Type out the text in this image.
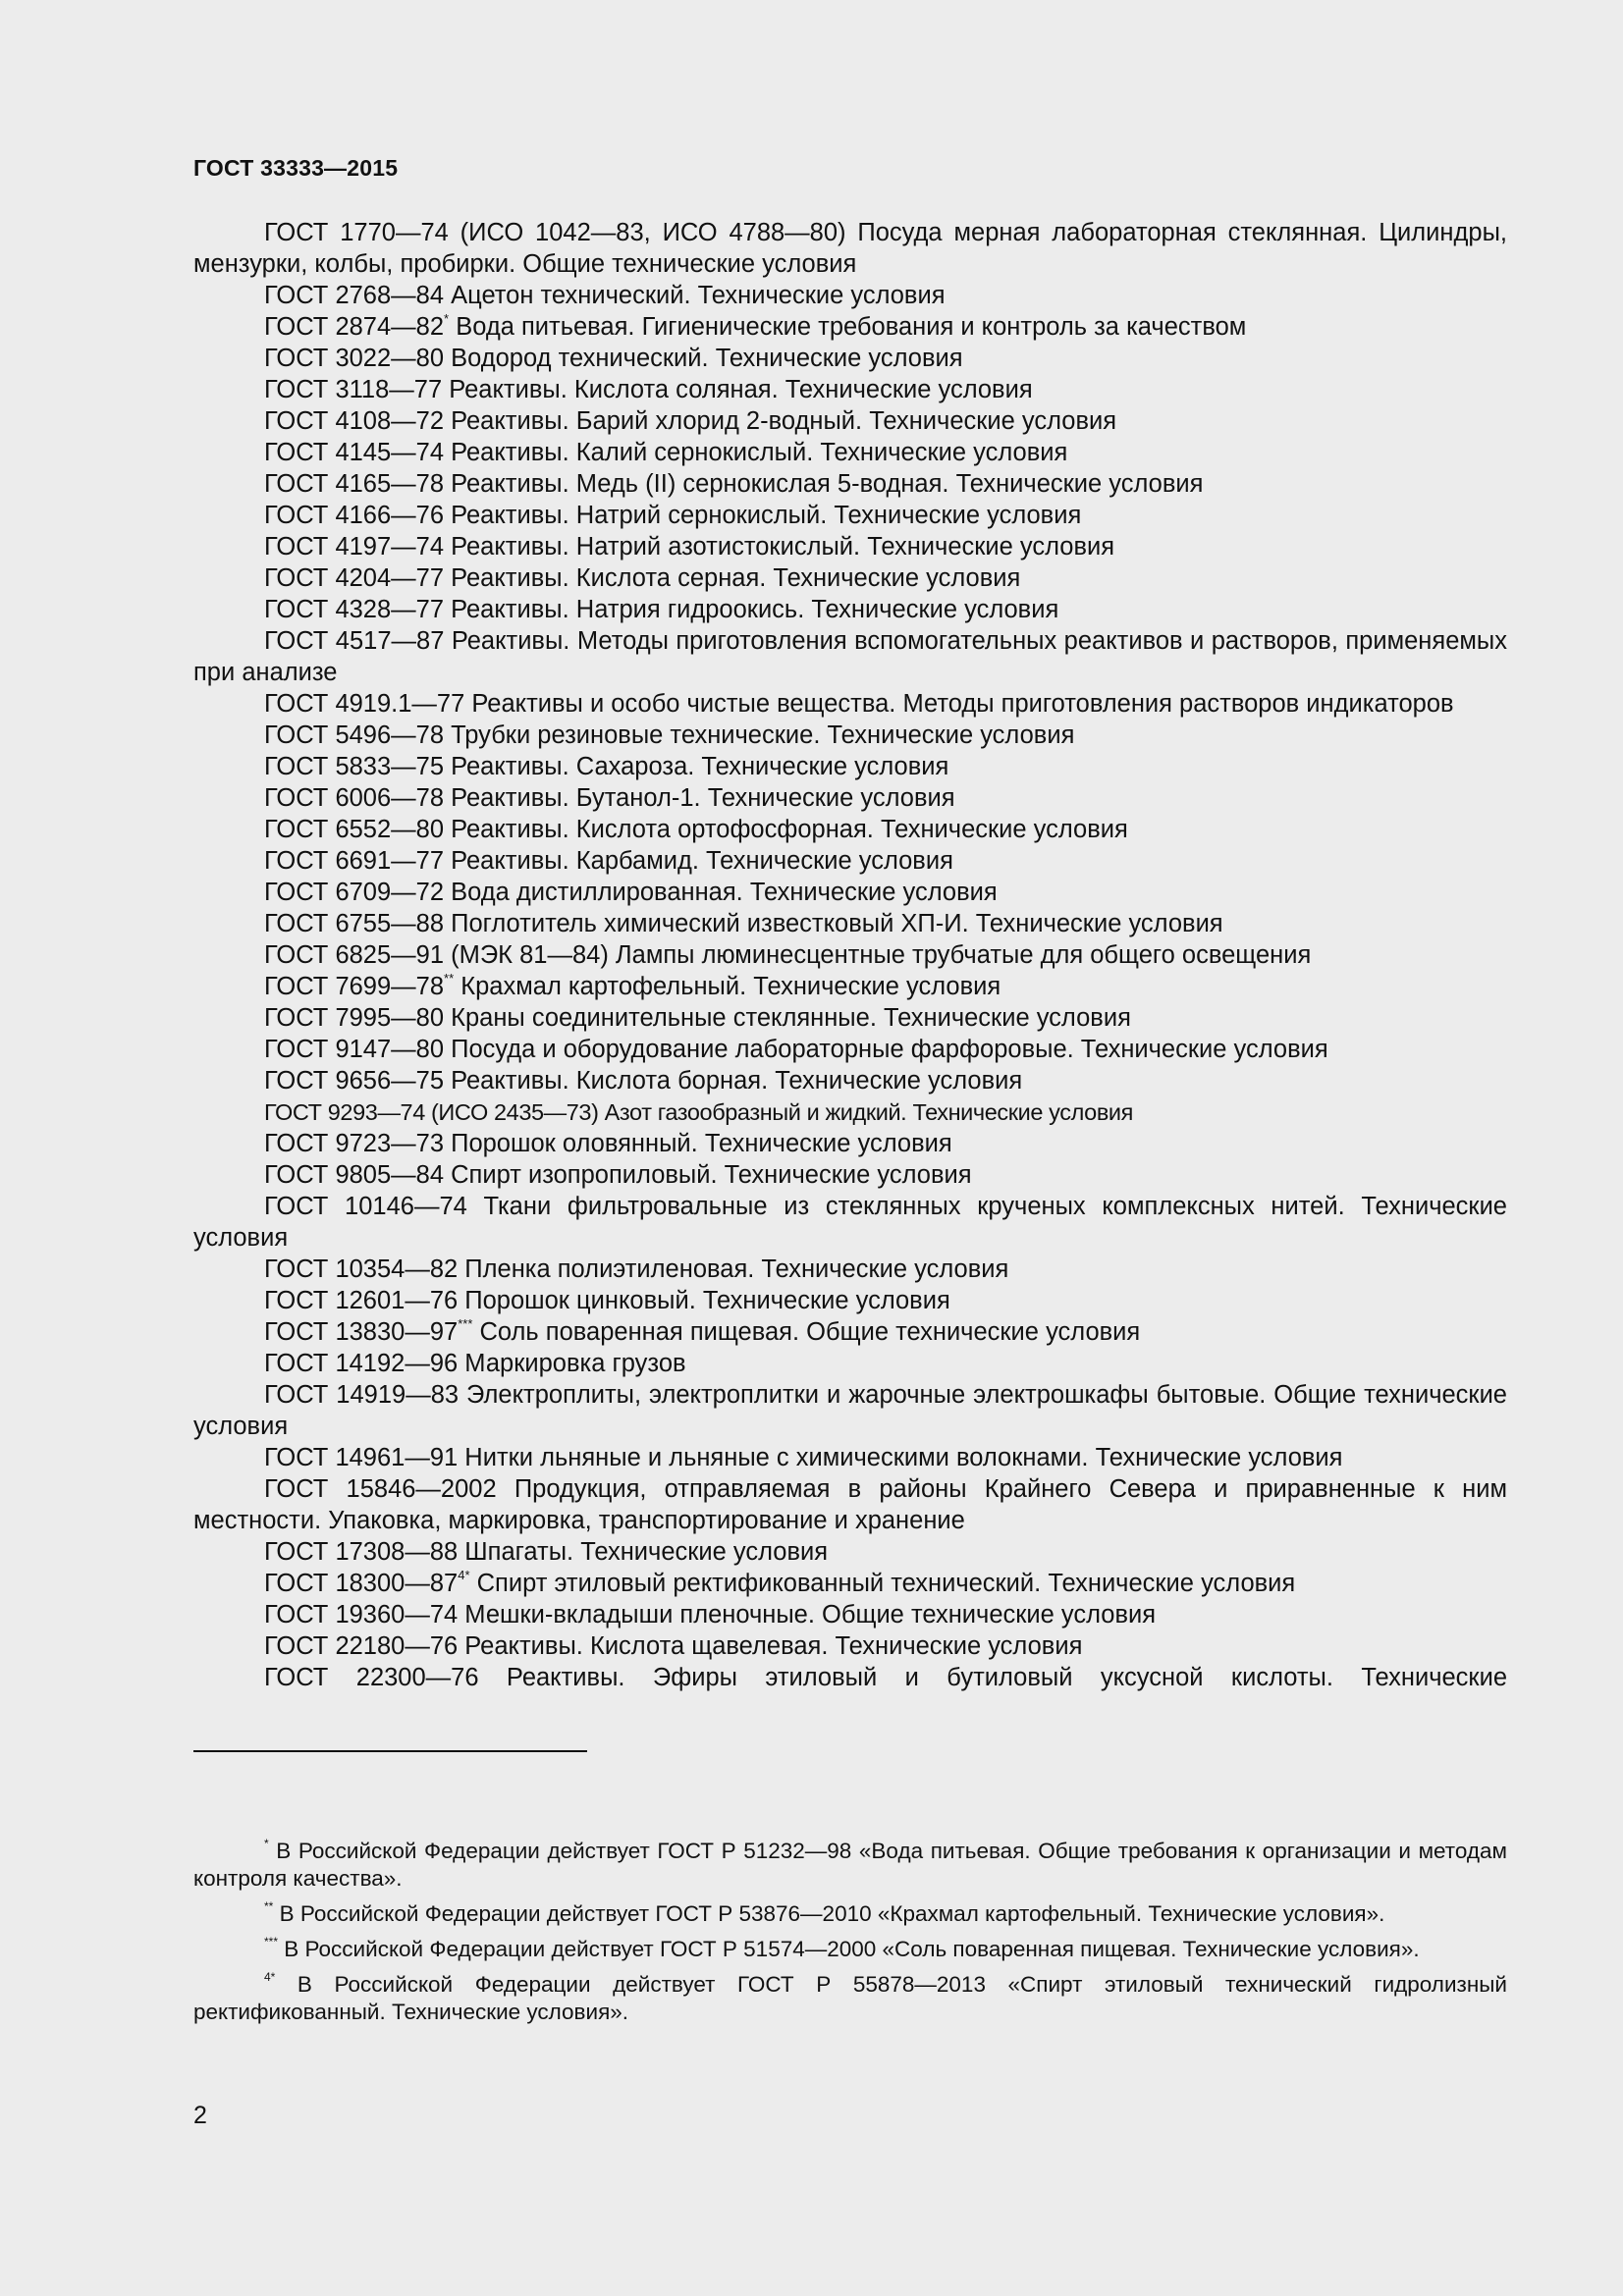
ГОСТ 33333—2015

ГОСТ 1770—74 (ИСО 1042—83, ИСО 4788—80) Посуда мерная лабораторная стеклянная. Цилиндры, мензурки, колбы, пробирки. Общие технические условия

ГОСТ 2768—84 Ацетон технический. Технические условия

ГОСТ 2874—82* Вода питьевая. Гигиенические требования и контроль за качеством

ГОСТ 3022—80 Водород технический. Технические условия

ГОСТ 3118—77 Реактивы. Кислота соляная. Технические условия

ГОСТ 4108—72 Реактивы. Барий хлорид 2-водный. Технические условия

ГОСТ 4145—74 Реактивы. Калий сернокислый. Технические условия

ГОСТ 4165—78 Реактивы. Медь (II) сернокислая 5-водная. Технические условия

ГОСТ 4166—76 Реактивы. Натрий сернокислый. Технические условия

ГОСТ 4197—74 Реактивы. Натрий азотистокислый. Технические условия

ГОСТ 4204—77 Реактивы. Кислота серная. Технические условия

ГОСТ 4328—77 Реактивы. Натрия гидроокись. Технические условия

ГОСТ 4517—87 Реактивы. Методы приготовления вспомогательных реактивов и растворов, применяемых при анализе

ГОСТ 4919.1—77 Реактивы и особо чистые вещества. Методы приготовления растворов индикаторов

ГОСТ 5496—78 Трубки резиновые технические. Технические условия

ГОСТ 5833—75 Реактивы. Сахароза. Технические условия

ГОСТ 6006—78 Реактивы. Бутанол-1. Технические условия

ГОСТ 6552—80 Реактивы. Кислота ортофосфорная. Технические условия

ГОСТ 6691—77 Реактивы. Карбамид. Технические условия

ГОСТ 6709—72 Вода дистиллированная. Технические условия

ГОСТ 6755—88 Поглотитель химический известковый ХП-И. Технические условия

ГОСТ 6825—91 (МЭК 81—84) Лампы люминесцентные трубчатые для общего освещения

ГОСТ 7699—78** Крахмал картофельный. Технические условия

ГОСТ 7995—80 Краны соединительные стеклянные. Технические условия

ГОСТ 9147—80 Посуда и оборудование лабораторные фарфоровые. Технические условия

ГОСТ 9656—75 Реактивы. Кислота борная. Технические условия

ГОСТ 9293—74 (ИСО 2435—73) Азот газообразный и жидкий. Технические условия

ГОСТ 9723—73 Порошок оловянный. Технические условия

ГОСТ 9805—84 Спирт изопропиловый. Технические условия

ГОСТ 10146—74 Ткани фильтровальные из стеклянных крученых комплексных нитей. Технические условия

ГОСТ 10354—82 Пленка полиэтиленовая. Технические условия

ГОСТ 12601—76 Порошок цинковый. Технические условия

ГОСТ 13830—97*** Соль поваренная пищевая. Общие технические условия

ГОСТ 14192—96 Маркировка грузов

ГОСТ 14919—83 Электроплиты, электроплитки и жарочные электрошкафы бытовые. Общие технические условия

ГОСТ 14961—91 Нитки льняные и льняные с химическими волокнами. Технические условия

ГОСТ 15846—2002 Продукция, отправляемая в районы Крайнего Севера и приравненные к ним местности. Упаковка, маркировка, транспортирование и хранение

ГОСТ 17308—88 Шпагаты. Технические условия

ГОСТ $18300—87^{4*}$ Спирт этиловый ректификованный технический. Технические условия

ГОСТ 19360—74 Мешки-вкладыши пленочные. Общие технические условия

ГОСТ 22180—76 Реактивы. Кислота щавелевая. Технические условия

ГОСТ 22300—76 Реактивы. Эфиры этиловый и бутиловый уксусной кислоты. Технические

* В Российской Федерации действует ГОСТ Р 51232—98 «Вода питьевая. Общие требования к организации и методам контроля качества».

** В Российской Федерации действует ГОСТ Р 53876—2010 «Крахмал картофельный. Технические условия».

*** В Российской Федерации действует ГОСТ Р 51574—2000 «Соль поваренная пищевая. Технические условия».

$^{4*}$ В Российской Федерации действует ГОСТ Р 55878—2013 «Спирт этиловый технический гидролизный ректификованный. Технические условия».

2
